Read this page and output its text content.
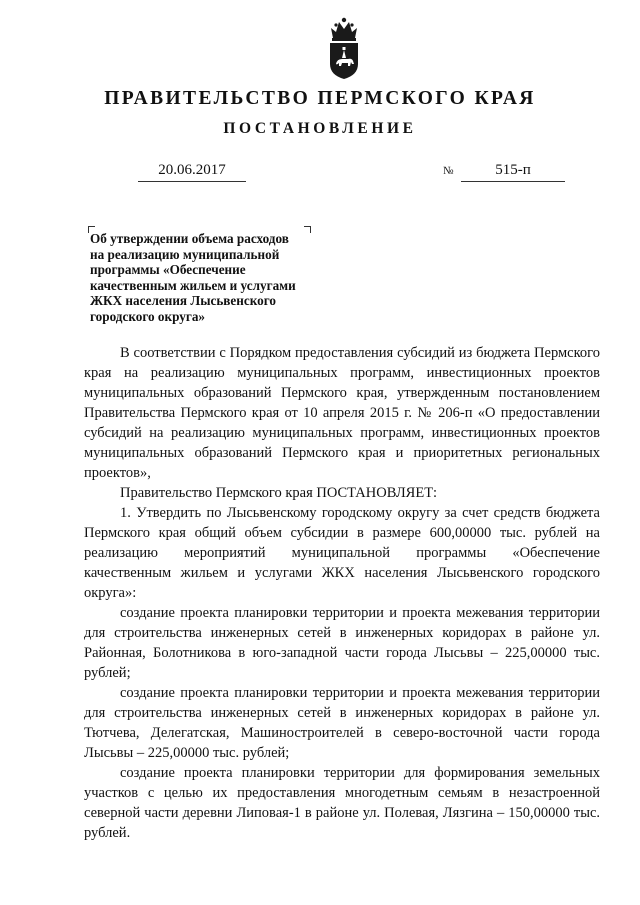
ПРАВИТЕЛЬСТВО ПЕРМСКОГО КРАЯ
ПОСТАНОВЛЕНИЕ
20.06.2017	№	515-п
Об утверждении объема расходов на реализацию муниципальной программы «Обеспечение качественным жильем и услугами ЖКХ населения Лысьвенского городского округа»

В соответствии с Порядком предоставления субсидий из бюджета Пермского края на реализацию муниципальных программ, инвестиционных проектов муниципальных образований Пермского края, утвержденным постановлением Правительства Пермского края от 10 апреля 2015 г. № 206-п «О предоставлении субсидий на реализацию муниципальных программ, инвестиционных проектов муниципальных образований Пермского края и приоритетных региональных проектов»,

Правительство Пермского края ПОСТАНОВЛЯЕТ:

1. Утвердить по Лысьвенскому городскому округу за счет средств бюджета Пермского края общий объем субсидии в размере 600,00000 тыс. рублей на реализацию мероприятий муниципальной программы «Обеспечение качественным жильем и услугами ЖКХ населения Лысьвенского городского округа»:

создание проекта планировки территории и проекта межевания территории для строительства инженерных сетей в инженерных коридорах в районе ул. Районная, Болотникова в юго-западной части города Лысьвы – 225,00000 тыс. рублей;

создание проекта планировки территории и проекта межевания территории для строительства инженерных сетей в инженерных коридорах в районе ул. Тютчева, Делегатская, Машиностроителей в северо-восточной части города Лысьвы – 225,00000 тыс. рублей;

создание проекта планировки территории для формирования земельных участков с целью их предоставления многодетным семьям в незастроенной северной части деревни Липовая-1 в районе ул. Полевая, Лязгина – 150,00000 тыс. рублей.
